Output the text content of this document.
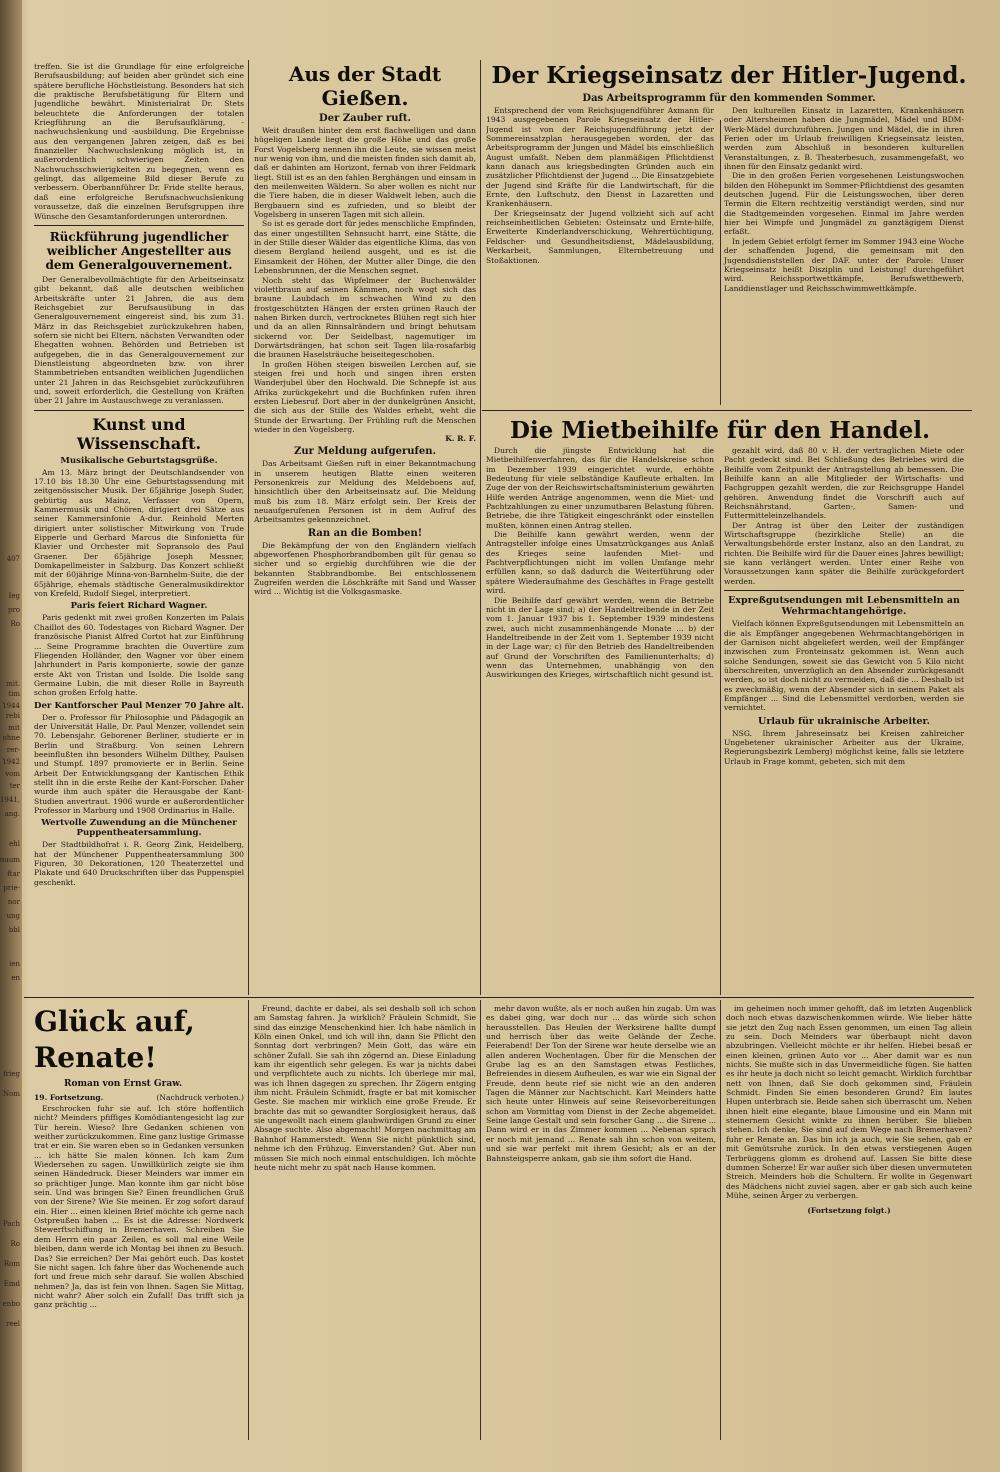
407
Ieg
pro
Ro
mit.
tim
1944
rebi
mit
ohne
rer-
1942
vom
ter
1941,
ang.
ehl
nuum
ftar
prie-
nor
ung
bbl
ien
en
frieg
Nom
Pach
Ro
Rom
Emd
enbo
reel

treffen. Sie ist die Grundlage für eine erfolgreiche Berufsausbildung; auf beiden aber gründet sich eine spätere berufliche Höchstleistung. Besonders hat sich die praktische Berufsbetätigung für Eltern und Jugendliche bewährt. Ministerialrat Dr. Stets beleuchtete die Anforderungen der totalen Kriegführung an die Berufsaufklärung, -nachwuchslenkung und -ausbildung. Die Ergebnisse aus den vergangenen Jahren zeigen, daß es bei finanzieller Nachwuchslenkung möglich ist, in außerordentlich schwierigen Zeiten den Nachwuchsschwierigkeiten zu begegnen, wenn es gelingt, das allgemeine Bild dieser Berufe zu verbessern. Oberbannführer Dr. Fride stellte heraus, daß eine erfolgreiche Berufsnachwuchslenkung voraussetze, daß die einzelnen Berufsgruppen ihre Wünsche den Gesamtanforderungen unterordnen.

Rückführung jugendlicher weiblicher Angestellter aus dem Generalgouvernement.

Der Generalbevollmächtigte für den Arbeitseinsatz gibt bekannt, daß alle deutschen weiblichen Arbeitskräfte unter 21 Jahren, die aus dem Reichsgebiet zur Berufsausübung in das Generalgouvernement eingereist sind, bis zum 31. März in das Reichsgebiet zurückzukehren haben, sofern sie nicht bei Eltern, nächsten Verwandten oder Ehegatten wohnen. Behörden und Betrieben ist aufgegeben, die in das Generalgouvernement zur Dienstleistung abgeordneten bzw. von ihrer Stammbetrieben entsandten weiblichen Jugendlichen unter 21 Jahren in das Reichsgebiet zurückzuführen und, soweit erforderlich, die Gestellung von Kräften über 21 Jahre im Austauschwege zu veranlassen.

Kunst und Wissenschaft.

Musikalische Geburtstagsgrüße.

Am 13. März bringt der Deutschlandsender von 17.10 bis 18.30 Uhr eine Geburtstagssendung mit zeitgenössischer Musik. Der 65jährige Joseph Suder, gebürtig aus Mainz, Verfasser von Opern, Kammermusik und Chören, dirigiert drei Sätze aus seiner Kammersinfonie A-dur. Reinhold Merten dirigiert unter solistischer Mitwirkung von Trude Eipperle und Gerhard Marcus die Sinfonietta für Klavier und Orchester mit Sopransolo des Paul Graener. Der 65jährige Joseph Messner, Domkapellmeister in Salzburg. Das Konzert schließt mit der 60jährige Minna-von-Barnhelm-Suite, die der 65jährige, ehemals städtische Generalmusikdirektor von Krefeld, Rudolf Siegel, interpretiert.

Paris feiert Richard Wagner.

Paris gedenkt mit zwei großen Konzerten im Palais Chaillot des 60. Todestages von Richard Wagner. Der französische Pianist Alfred Cortot hat zur Einführung ... Seine Programme brachten die Ouvertüre zum Fliegenden Holländer, den Wagner vor über einem Jahrhundert in Paris komponierte, sowie der ganze erste Akt von Tristan und Isolde. Die Isolde sang Germaine Lubin, die mit dieser Rolle in Bayreuth schon großen Erfolg hatte.

Der Kantforscher Paul Menzer 70 Jahre alt.

Der o. Professor für Philosophie und Pädagogik an der Universität Halle, Dr. Paul Menzer, vollendet sein 70. Lebensjahr. Geborener Berliner, studierte er in Berlin und Straßburg. Von seinen Lehrern beeinflußten ihn besonders Wilhelm Dilthey, Paulsen und Stumpf. 1897 promovierte er in Berlin. Seine Arbeit Der Entwicklungsgang der Kantischen Ethik stellt ihn in die erste Reihe der Kant-Forscher. Daher wurde ihm auch später die Herausgabe der Kant-Studien anvertraut. 1906 wurde er außerordentlicher Professor in Marburg und 1908 Ordinarius in Halle.

Wertvolle Zuwendung an die Münchener Puppentheatersammlung.

Der Stadtbildhofrat i. R. Georg Zink, Heidelberg, hat der Münchener Puppentheatersammlung 300 Figuren, 30 Dekorationen, 120 Theaterzettel und Plakate und 640 Druckschriften über das Puppenspiel geschenkt.

Aus der Stadt Gießen.

Der Zauber ruft.

Weit draußen hinter dem erst flachwelligen und dann hügeligen Lande liegt die große Höhe und das große Forst Vogelsberg nennen ihn die Leute, sie wissen meist nur wenig von ihm, und die meisten finden sich damit ab, daß er dahinten am Horizont, fernab von ihrer Feldmark liegt. Still ist es an den fahlen Berghängen und einsam in den meilenweiten Wäldern. So aber wollen es nicht nur die Tiere haben, die in dieser Waldwelt leben, auch die Bergbauern sind es zufrieden, und so bleibt der Vogelsberg in unseren Tagen mit sich allein.

So ist es gerade dort für jedes menschliche Empfinden, das einer ungestillten Sehnsucht harrt, eine Stätte, die in der Stille dieser Wälder das eigentliche Klima, das von diesem Bergland heilend ausgeht, und es ist die Einsamkeit der Höhen, der Mutter aller Dinge, die den Lebensbrunnen, der die Menschen segnet.

Noch steht das Wipfelmeer der Buchenwälder violettbraun auf seinen Kämmen, noch wogt sich das braune Laubdach im schwachen Wind zu den frostgeschützten Hängen der ersten grünen Rauch der nahen Birken durch, vertrocknetes Blühen regt sich hier und da an allen Rinnsalrändern und bringt behutsam sickernd vor. Der Seidelbast, nagemutiger im Dorwärtsdrängen, hat schon seit Tagen lila-rosafarbig die braunen Haselsträuche beiseitegeschoben.

In großen Höhen steigen bisweilen Lerchen auf, sie steigen frei und hoch und singen ihren ersten Wanderjubel über den Hochwald. Die Schnepfe ist aus Afrika zurückgekehrt und die Buchfinken rufen ihren ersten Liebesruf. Dort aber in der dunkelgrünen Ansicht, die sich aus der Stille des Waldes erhebt, weht die Stunde der Erwartung. Der Frühling ruft die Menschen wieder in den Vogelsberg.

K. R. F.

Zur Meldung aufgerufen.

Das Arbeitsamt Gießen ruft in einer Bekanntmachung in unserem heutigen Blatte einen weiteren Personenkreis zur Meldung des Meldeboens auf, hinsichtlich über den Arbeitseinsatz auf. Die Meldung muß bis zum 18. März erfolgt sein. Der Kreis der neuaufgerufenen Personen ist in dem Aufruf des Arbeitsamtes gekennzeichnet.

Ran an die Bomben!

Die Bekämpfung der von den Engländern vielfach abgeworfenen Phosphorbrandbomben gilt für genau so sicher und so ergiebig durchführen wie die der bekannten Stabbrandbombe. Bei entschlossenem Zugreifen werden die Löschkräfte mit Sand und Wasser wird ... Wichtig ist die Volksgasmaske.

Der Kriegseinsatz der Hitler-Jugend.

Das Arbeitsprogramm für den kommenden Sommer.

Entsprechend der vom Reichsjugendführer Axmann für 1943 ausgegebenen Parole Kriegseinsatz der Hitler-Jugend ist von der Reichsjugendführung jetzt der Sommereinsatzplan herausgegeben worden, der das Arbeitsprogramm der Jungen und Mädel bis einschließlich August umfaßt. Neben dem planmäßigen Pflichtdienst kann danach aus kriegsbedingten Gründen auch ein zusätzlicher Pflichtdienst der Jugend ... Die Einsatzgebiete der Jugend sind Kräfte für die Landwirtschaft, für die Ernte, den Luftschutz, den Dienst in Lazaretten und Krankenhäusern.

Der Kriegseinsatz der Jugend vollzieht sich auf acht reichseinheitlichen Gebieten: Osteinsatz und Ernte-hilfe, Erweiterte Kinderlandverschickung, Wehrertüchtigung, Feldscher- und Gesundheitsdienst, Mädelausbildung, Werkarbeit, Sammlungen, Elternbetreuung und Stoßaktionen.

Den kulturellen Einsatz in Lazaretten, Krankenhäusern oder Altersheimen haben die Jungmädel, Mädel und BDM-Werk-Mädel durchzuführen. Jungen und Mädel, die in ihren Ferien oder im Urlaub freiwilligen Kriegseinsatz leisten, werden zum Abschluß in besonderen kulturellen Veranstaltungen, z. B. Theaterbesuch, zusammengefaßt, wo ihnen für den Einsatz gedankt wird.

Die in den großen Ferien vorgesehenen Leistungswochen bilden den Höhepunkt im Sommer-Pflichtdienst des gesamten deutschen Jugend. Für die Leistungswochen, über deren Termin die Eltern rechtzeitig verständigt werden, sind nur die Stadtgemeinden vorgesehen. Einmal im Jahre werden hier bei Wimpfe und Jungmädel zu ganztägigem Dienst erfaßt.

In jedem Gebiet erfolgt ferner im Sommer 1943 eine Woche der schaffenden Jugend, die gemeinsam mit den Jugendsdienststellen der DAF. unter der Parole: Unser Kriegseinsatz heißt Disziplin und Leistung! durchgeführt wird. Reichssportwettkämpfe, Berufswettbewerb, Landdienstlager und Reichsschwimmwettkämpfe.

Die Mietbeihilfe für den Handel.

Durch die jüngste Entwicklung hat die Mietbeihilfenverfahren, das für die Handelskreise schon im Dezember 1939 eingerichtet wurde, erhöhte Bedeutung für viele selbständige Kaufleute erhalten. Im Zuge der von der Reichswirtschaftsministerium gewährten Hilfe werden Anträge angenommen, wenn die Miet- und Pachtzahlungen zu einer unzumutbaren Belastung führen. Betriebe, die ihre Tätigkeit eingeschränkt oder einstellen mußten, können einen Antrag stellen.

Die Beihilfe kann gewährt werden, wenn der Antragsteller infolge eines Umsatzrückganges aus Anlaß des Krieges seine laufenden Miet- und Pachtverpflichtungen nicht im vollen Umfange mehr erfüllen kann, so daß dadurch die Weiterführung oder spätere Wiederaufnahme des Geschäftes in Frage gestellt wird.

Die Beihilfe darf gewährt werden, wenn die Betriebe nicht in der Lage sind; a) der Handeltreibende in der Zeit vom 1. Januar 1937 bis 1. September 1939 mindestens zwei, auch nicht zusammenhängende Monate ... b) der Handeltreibende in der Zeit vom 1. September 1939 nicht in der Lage war; c) für den Betrieb des Handeltreibenden auf Grund der Vorschriften des Familienunterhalts; d) wenn das Unternehmen, unabhängig von den Auswirkungen des Krieges, wirtschaftlich nicht gesund ist.

gezahlt wird, daß 80 v. H. der vertraglichen Miete oder Pacht gedeckt sind. Bei Schließung des Betriebes wird die Beihilfe vom Zeitpunkt der Antragstellung ab bemessen. Die Beihilfe kann an alle Mitglieder der Wirtschafts- und Fachgruppen gezahlt werden, die zur Reichsgruppe Handel gehören. Anwendung findet die Vorschrift auch auf Reichsnährstand, Garten-, Samen- und Futtermitteleinzelhandels.

Der Antrag ist über den Leiter der zuständigen Wirtschaftsgruppe (bezirkliche Stelle) an die Verwaltungsbehörde erster Instanz, also an den Landrat, zu richten. Die Beihilfe wird für die Dauer eines Jahres bewilligt; sie kann verlängert werden. Unter einer Reihe von Voraussetzungen kann später die Beihilfe zurückgefordert werden.

Expreßgutsendungen mit Lebensmitteln an Wehrmachtangehörige.

Vielfach können Expreßgutsendungen mit Lebensmitteln an die als Empfänger angegebenen Wehrmachtangehörigen in der Garnison nicht abgeliefert werden, weil der Empfänger inzwischen zum Fronteinsatz gekommen ist. Wenn auch solche Sendungen, soweit sie das Gewicht von 5 Kilo nicht überschreiten, unverzüglich an den Absender zurückgesandt werden, so ist doch nicht zu vermeiden, daß die ... Deshalb ist es zweckmäßig, wenn der Absender sich in seinem Paket als Empfänger ... Sind die Lebensmittel verdorben, werden sie vernichtet.

Urlaub für ukrainische Arbeiter.

NSG. Ihrem Jahreseinsatz bei Kreisen zahlreicher Ungebetener ukrainischer Arbeiter aus der Ukraine, Regierungsbezirk Lemberg) möglichst keine, falls sie letztere Urlaub in Frage kommt, gebeten, sich mit dem

Glück auf, Renate!

Roman von Ernst Graw.

19. Fortsetzung.	(Nachdruck verboten.)

Erschrocken fuhr sie auf. Ich störe hoffentlich nicht? Meinders pfiffiges Komödiantengesicht lag zur Tür herein. Wieso? Ihre Gedanken schienen von weither zurückzukommen. Eine ganz lustige Grimasse trat er ein. Sie waren eben so in Gedanken versunken ... ich hätte Sie malen können. Ich kam Zum Wiedersehen zu sagen. Unwillkürlich zeigte sie ihm seinen Händedruck. Dieser Meinders war immer ein so prächtiger Junge. Man konnte ihm gar nicht böse sein. Und was bringen Sie? Einen freundlichen Gruß von der Sirene? Wie Sie meinen. Er zog sofort darauf ein. Hier ... einen kleinen Brief möchte ich gerne nach Ostpreußen haben ... Es ist die Adresse: Nordwerk Stewerftschiffung in Bremerhaven. Schreiben Sie dem Herrn ein paar Zeilen, es soll mal eine Weile bleiben, dann werde ich Montag bei ihnen zu Besuch. Das? Sie erreichen? Der Mai gehört euch. Das kostet Sie nicht sagen. Ich fahre über das Wochenende auch fort und freue mich sehr darauf. Sie wollen Abschied nehmen? Ja, das ist fein von Ihnen. Sagen Sie Mittag, nicht wahr? Aber solch ein Zufall! Das trifft sich ja ganz prächtig ...

Freund, dachte er dabei, als sei deshalb soll ich schon am Samstag fahren. Ja wirklich? Fräulein Schmidt, Sie sind das einzige Menschenkind hier. Ich habe nämlich in Köln einen Onkel, und ich will ihn, dann Sie Pflicht den Sonntag dort verbringen? Mein Gott, das wäre ein schöner Zufall. Sie sah ihn zögernd an. Diese Einladung kam ihr eigentlich sehr gelegen. Es war ja nichts dabei und verpflichtete auch zu nichts. Ich überlege mir mal, was ich Ihnen dagegen zu sprechen. Ihr Zögern entging ihm nicht. Fräulein Schmidt, fragte er bat mit komischer Geste. Sie machen mir wirklich eine große Freude. Er brachte das mit so gewandter Sorglosigkeit heraus, daß sie ungewollt nach einem glaubwürdigen Grund zu einer Absage suchte. Also abgemacht! Morgen nachmittag am Bahnhof Hammerstedt. Wenn Sie nicht pünktlich sind, nehme ich den Frühzug. Einverstanden? Gut. Aber nun müssen Sie mich noch einmal entschuldigen. Ich möchte heute nicht mehr zu spät nach Hause kommen.

mehr davon wußte, als er noch außen hin zugab. Um was es dabei ging, war doch nur ... das würde sich schon herausstellen. Das Heulen der Werksirene hallte dumpf und herrisch über das weite Gelände der Zeche. Feierabend! Der Ton der Sirene war heute derselbe wie an allen anderen Wochentagen. Über für die Menschen der Grube lag es an den Samstagen etwas Festliches, Befreiendes in diesem Aufheulen, es war wie ein Signal der Freude, denn heute rief sie nicht wie an den anderen Tagen die Männer zur Nachtschicht. Karl Meinders hatte sich heute unter Hinweis auf seine Reisevorbereitungen schon am Vormittag vom Dienst in der Zeche abgemeldet. Seine lange Gestalt und sein forscher Gang ... die Sirene ... Dann wird er in das Zimmer kommen ... Nebenan sprach er noch mit jemand ... Renate sah ihn schon von weitem, und sie war perfekt mit ihrem Gesicht; als er an der Bahnsteigsperre ankam, gab sie ihm sofort die Hand.

im geheimen noch immer gehofft, daß im letzten Augenblick doch noch etwas dazwischenkommen würde. Wie lieber hätte sie jetzt den Zug nach Essen genommen, um einen Tag allein zu sein. Doch Meinders war überhaupt nicht davon abzubringen. Vielleicht möchte er ihr helfen. Hiebei besaß er einen kleinen, grünen Auto vor ... Aber damit war es nun nichts. Sie mußte sich in das Unvermeidliche fügen. Sie hatten es ihr heute ja doch nicht so leicht gemacht. Wirklich furchtbar nett von Ihnen, daß Sie doch gekommen sind, Fräulein Schmidt. Finden Sie einen besonderen Grund? Ein lautes Hupen unterbrach sie. Beide sahen sich überrascht um. Neben ihnen hielt eine elegante, blaue Limousine und ein Mann mit steinernem Gesicht winkte zu ihnen herüber. Sie blieben stehen. Ich denke, Sie sind auf dem Wege nach Bremerhaven? fuhr er Renate an. Das bin ich ja auch, wie Sie sehen, gab er mit Gemütsruhe zurück. In den etwas verstiegenen Augen Terbrüggens glomm es drohend auf. Lassen Sie bitte diese dummen Scherze! Er war außer sich über diesen unvermuteten Streich. Meinders hob die Schultern. Er wollte in Gegenwart des Mädchens nicht zuviel sagen, aber er gab sich auch keine Mühe, seinen Ärger zu verbergen.

(Fortsetzung folgt.)
